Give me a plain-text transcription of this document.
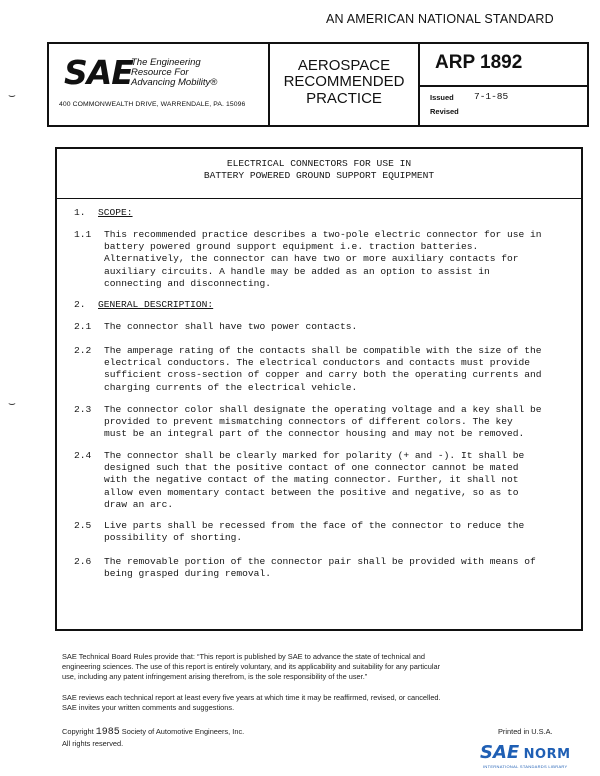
AN AMERICAN NATIONAL STANDARD
SAE
The Engineering
Resource For
Advancing Mobility®
400 COMMONWEALTH DRIVE, WARRENDALE, PA. 15096
AEROSPACE
RECOMMENDED
PRACTICE
ARP 1892
Issued 7-1-85
Revised
ELECTRICAL CONNECTORS FOR USE IN
BATTERY POWERED GROUND SUPPORT EQUIPMENT
1.	SCOPE:
1.1	This recommended practice describes a two-pole electric connector for use in
battery powered ground support equipment i.e. traction batteries.
Alternatively, the connector can have two or more auxiliary contacts for
auxiliary circuits. A handle may be added as an option to assist in
connecting and disconnecting.
2.	GENERAL DESCRIPTION:
2.1	The connector shall have two power contacts.
2.2	The amperage rating of the contacts shall be compatible with the size of the
electrical conductors. The electrical conductors and contacts must provide
sufficient cross-section of copper and carry both the operating currents and
charging currents of the electrical vehicle.
2.3	The connector color shall designate the operating voltage and a key shall be
provided to prevent mismatching connectors of different colors. The key
must be an integral part of the connector housing and may not be removed.
2.4	The connector shall be clearly marked for polarity (+ and -). It shall be
designed such that the positive contact of one connector cannot be mated
with the negative contact of the mating connector. Further, it shall not
allow even momentary contact between the positive and negative, so as to
draw an arc.
2.5	Live parts shall be recessed from the face of the connector to reduce the
possibility of shorting.
2.6	The removable portion of the connector pair shall be provided with means of
being grasped during removal.
SAE Technical Board Rules provide that: “This report is published by SAE to advance the state of technical and
engineering sciences. The use of this report is entirely voluntary, and its applicability and suitability for any particular
use, including any patent infringement arising therefrom, is the sole responsibility of the user.”
SAE reviews each technical report at least every five years at which time it may be reaffirmed, revised, or cancelled.
SAE invites your written comments and suggestions.
Copyright 1985 Society of Automotive Engineers, Inc.
All rights reserved.
Printed in U.S.A.
SAE NORM
INTERNATIONAL STANDARDS LIBRARY
⌣
⌣
